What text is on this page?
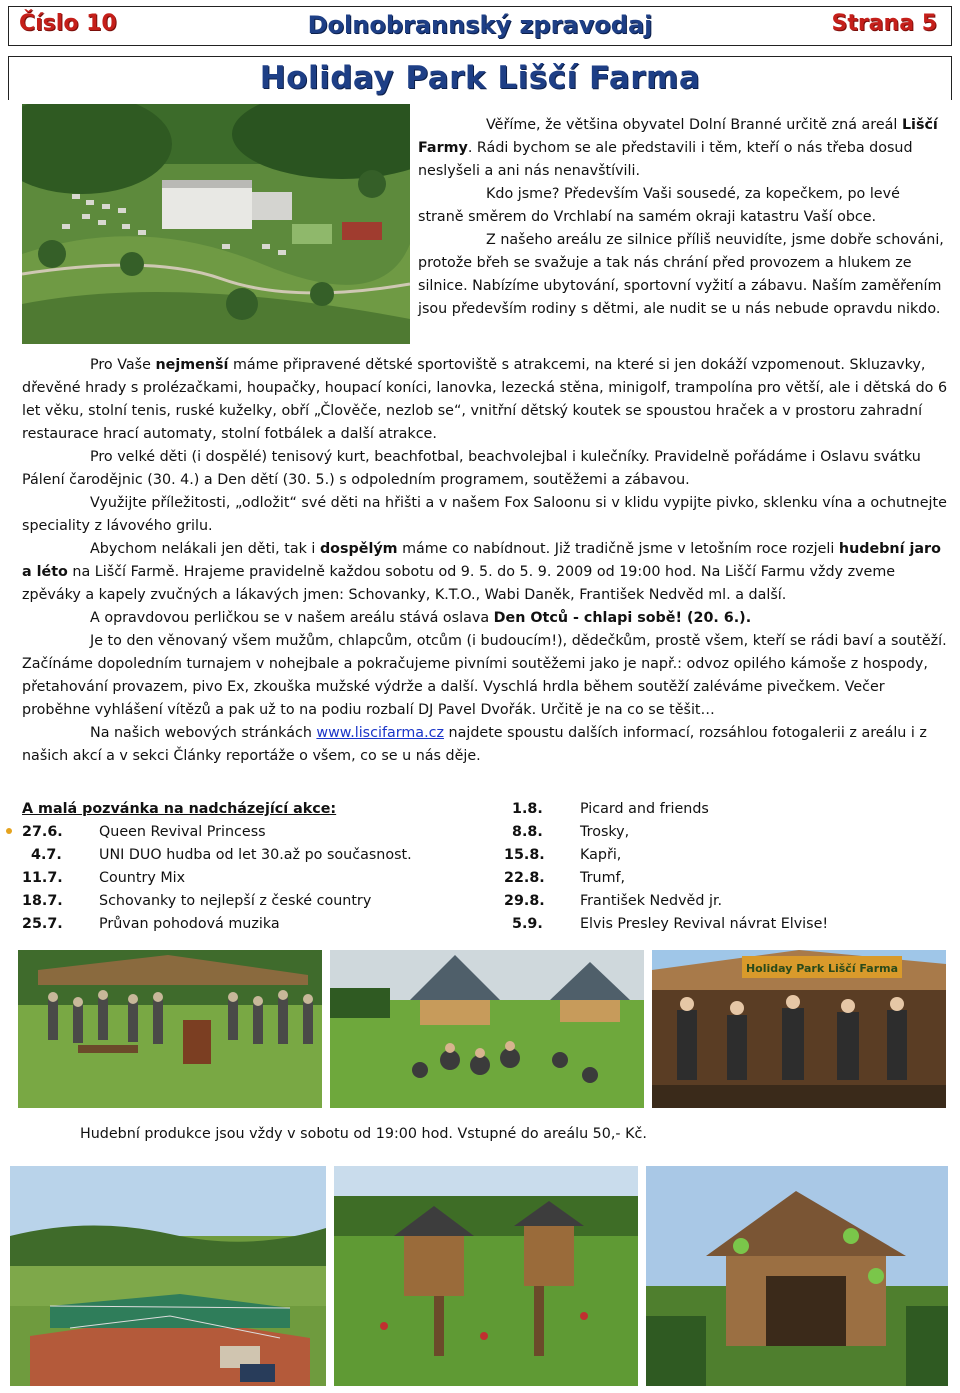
Číslo 10	Dolnobrannský zpravodaj	Strana 5
Holiday Park Liščí Farma

Věříme, že většina obyvatel Dolní Branné určitě zná areál Liščí Farmy. Rádi bychom se ale představili i těm, kteří o nás třeba dosud neslyšeli a ani nás nenavštívili.

Kdo jsme? Především Vaši sousedé, za kopečkem, po levé straně směrem do Vrchlabí na samém okraji katastru Vaší obce.

Z našeho areálu ze silnice příliš neuvidíte, jsme dobře schováni, protože břeh se svažuje a tak nás chrání před provozem a hlukem ze silnice. Nabízíme ubytování, sportovní vyžití a zábavu. Naším zaměřením jsou především rodiny s dětmi, ale nudit se u nás nebude opravdu nikdo.

Pro Vaše nejmenší máme připravené dětské sportoviště s atrakcemi, na které si jen dokáží vzpomenout. Skluzavky, dřevěné hrady s prolézačkami, houpačky, houpací koníci, lanovka, lezecká stěna, minigolf, trampolína pro větší, ale i dětská do 6 let věku, stolní tenis, ruské kuželky, obří „Člověče, nezlob se“, vnitřní dětský koutek se spoustou hraček a v prostoru zahradní restaurace hrací automaty, stolní fotbálek a další atrakce.

Pro velké děti (i dospělé) tenisový kurt, beachfotbal, beachvolejbal i kulečníky. Pravidelně pořádáme i Oslavu svátku Pálení čarodějnic (30. 4.) a Den dětí (30. 5.) s odpoledním programem, soutěžemi a zábavou.

Využijte příležitosti, „odložit“ své děti na hřišti a v našem Fox Saloonu si v klidu vypijte pivko, sklenku vína a ochutnejte speciality z lávového grilu.

Abychom nelákali jen děti, tak i dospělým máme co nabídnout. Již tradičně jsme v letošním roce rozjeli hudební jaro a léto na Liščí Farmě. Hrajeme pravidelně každou sobotu od 9. 5. do 5. 9. 2009 od 19:00 hod. Na Liščí Farmu vždy zveme zpěváky a kapely zvučných a lákavých jmen: Schovanky, K.T.O., Wabi Daněk, František Nedvěd ml. a další.

A opravdovou perličkou se v našem areálu stává oslava Den Otců - chlapi sobě! (20. 6.).

Je to den věnovaný všem mužům, chlapcům, otcům (i budoucím!), dědečkům, prostě všem, kteří se rádi baví a soutěží. Začínáme dopoledním turnajem v nohejbale a pokračujeme pivními soutěžemi jako je např.: odvoz opilého kámoše z hospody, přetahování provazem, pivo Ex, zkouška mužské výdrže a další. Vyschlá hrdla během soutěží zaléváme pivečkem. Večer proběhne vyhlášení vítězů a pak už to na podiu rozbalí DJ Pavel Dvořák. Určitě je na co se těšit…

Na našich webových stránkách www.liscifarma.cz najdete spoustu dalších informací, rozsáhlou fotogalerii z areálu i z našich akcí a v sekci Články reportáže o všem, co se u nás děje.

A malá pozvánka na nadcházející akce:
27.6.	Queen Revival Princess
4.7.	UNI DUO hudba od let 30.až po současnost.
11.7.	Country Mix
18.7.	Schovanky to nejlepší z české country
25.7.	Průvan pohodová muzika
1.8.	Picard and friends
8.8.	Trosky,
15.8. Kapři,
22.8. Trumf,
29.8. František Nedvěd jr.
5.9.	Elvis Presley Revival návrat Elvise!
Holiday Park Liščí Farma
Hudební produkce jsou vždy v sobotu od 19:00 hod. Vstupné do areálu 50,- Kč.
